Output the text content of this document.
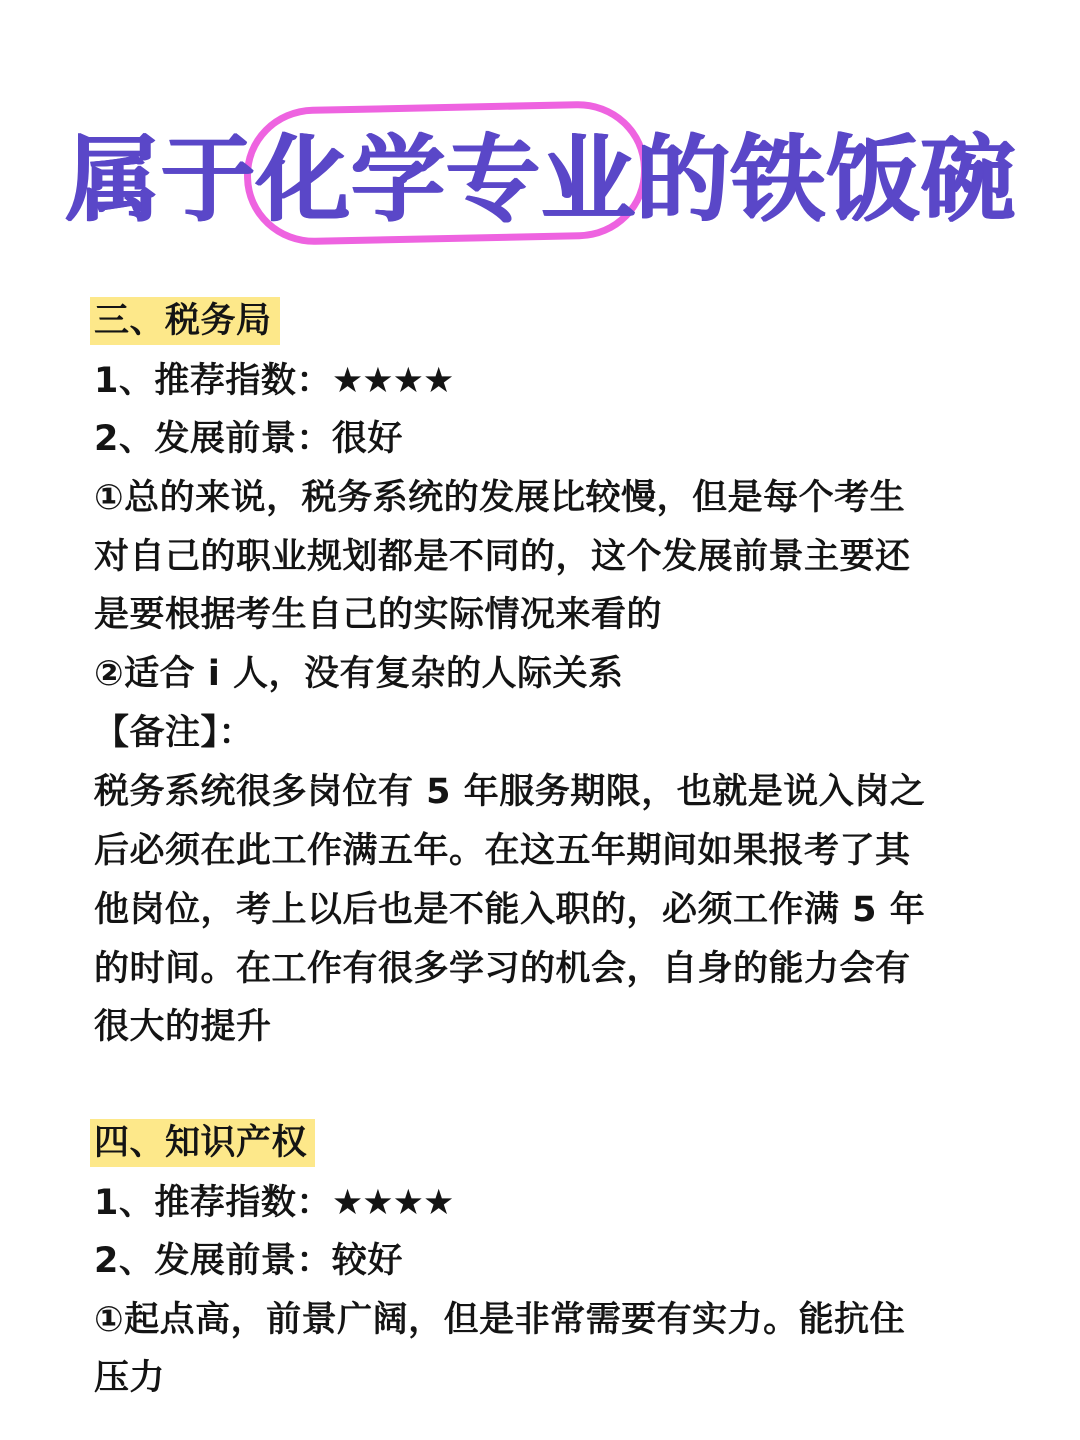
属于化学专业的铁饭碗
三、税务局
1、推荐指数：★★★★
2、发展前景：很好
①总的来说，税务系统的发展比较慢，但是每个考生
对自己的职业规划都是不同的，这个发展前景主要还
是要根据考生自己的实际情况来看的
②适合 i 人，没有复杂的人际关系
【备注】：
税务系统很多岗位有 5 年服务期限，也就是说入岗之
后必须在此工作满五年。在这五年期间如果报考了其
他岗位，考上以后也是不能入职的，必须工作满 5 年
的时间。在工作有很多学习的机会，自身的能力会有
很大的提升
四、知识产权
1、推荐指数：★★★★
2、发展前景：较好
①起点高，前景广阔，但是非常需要有实力。能抗住
压力
